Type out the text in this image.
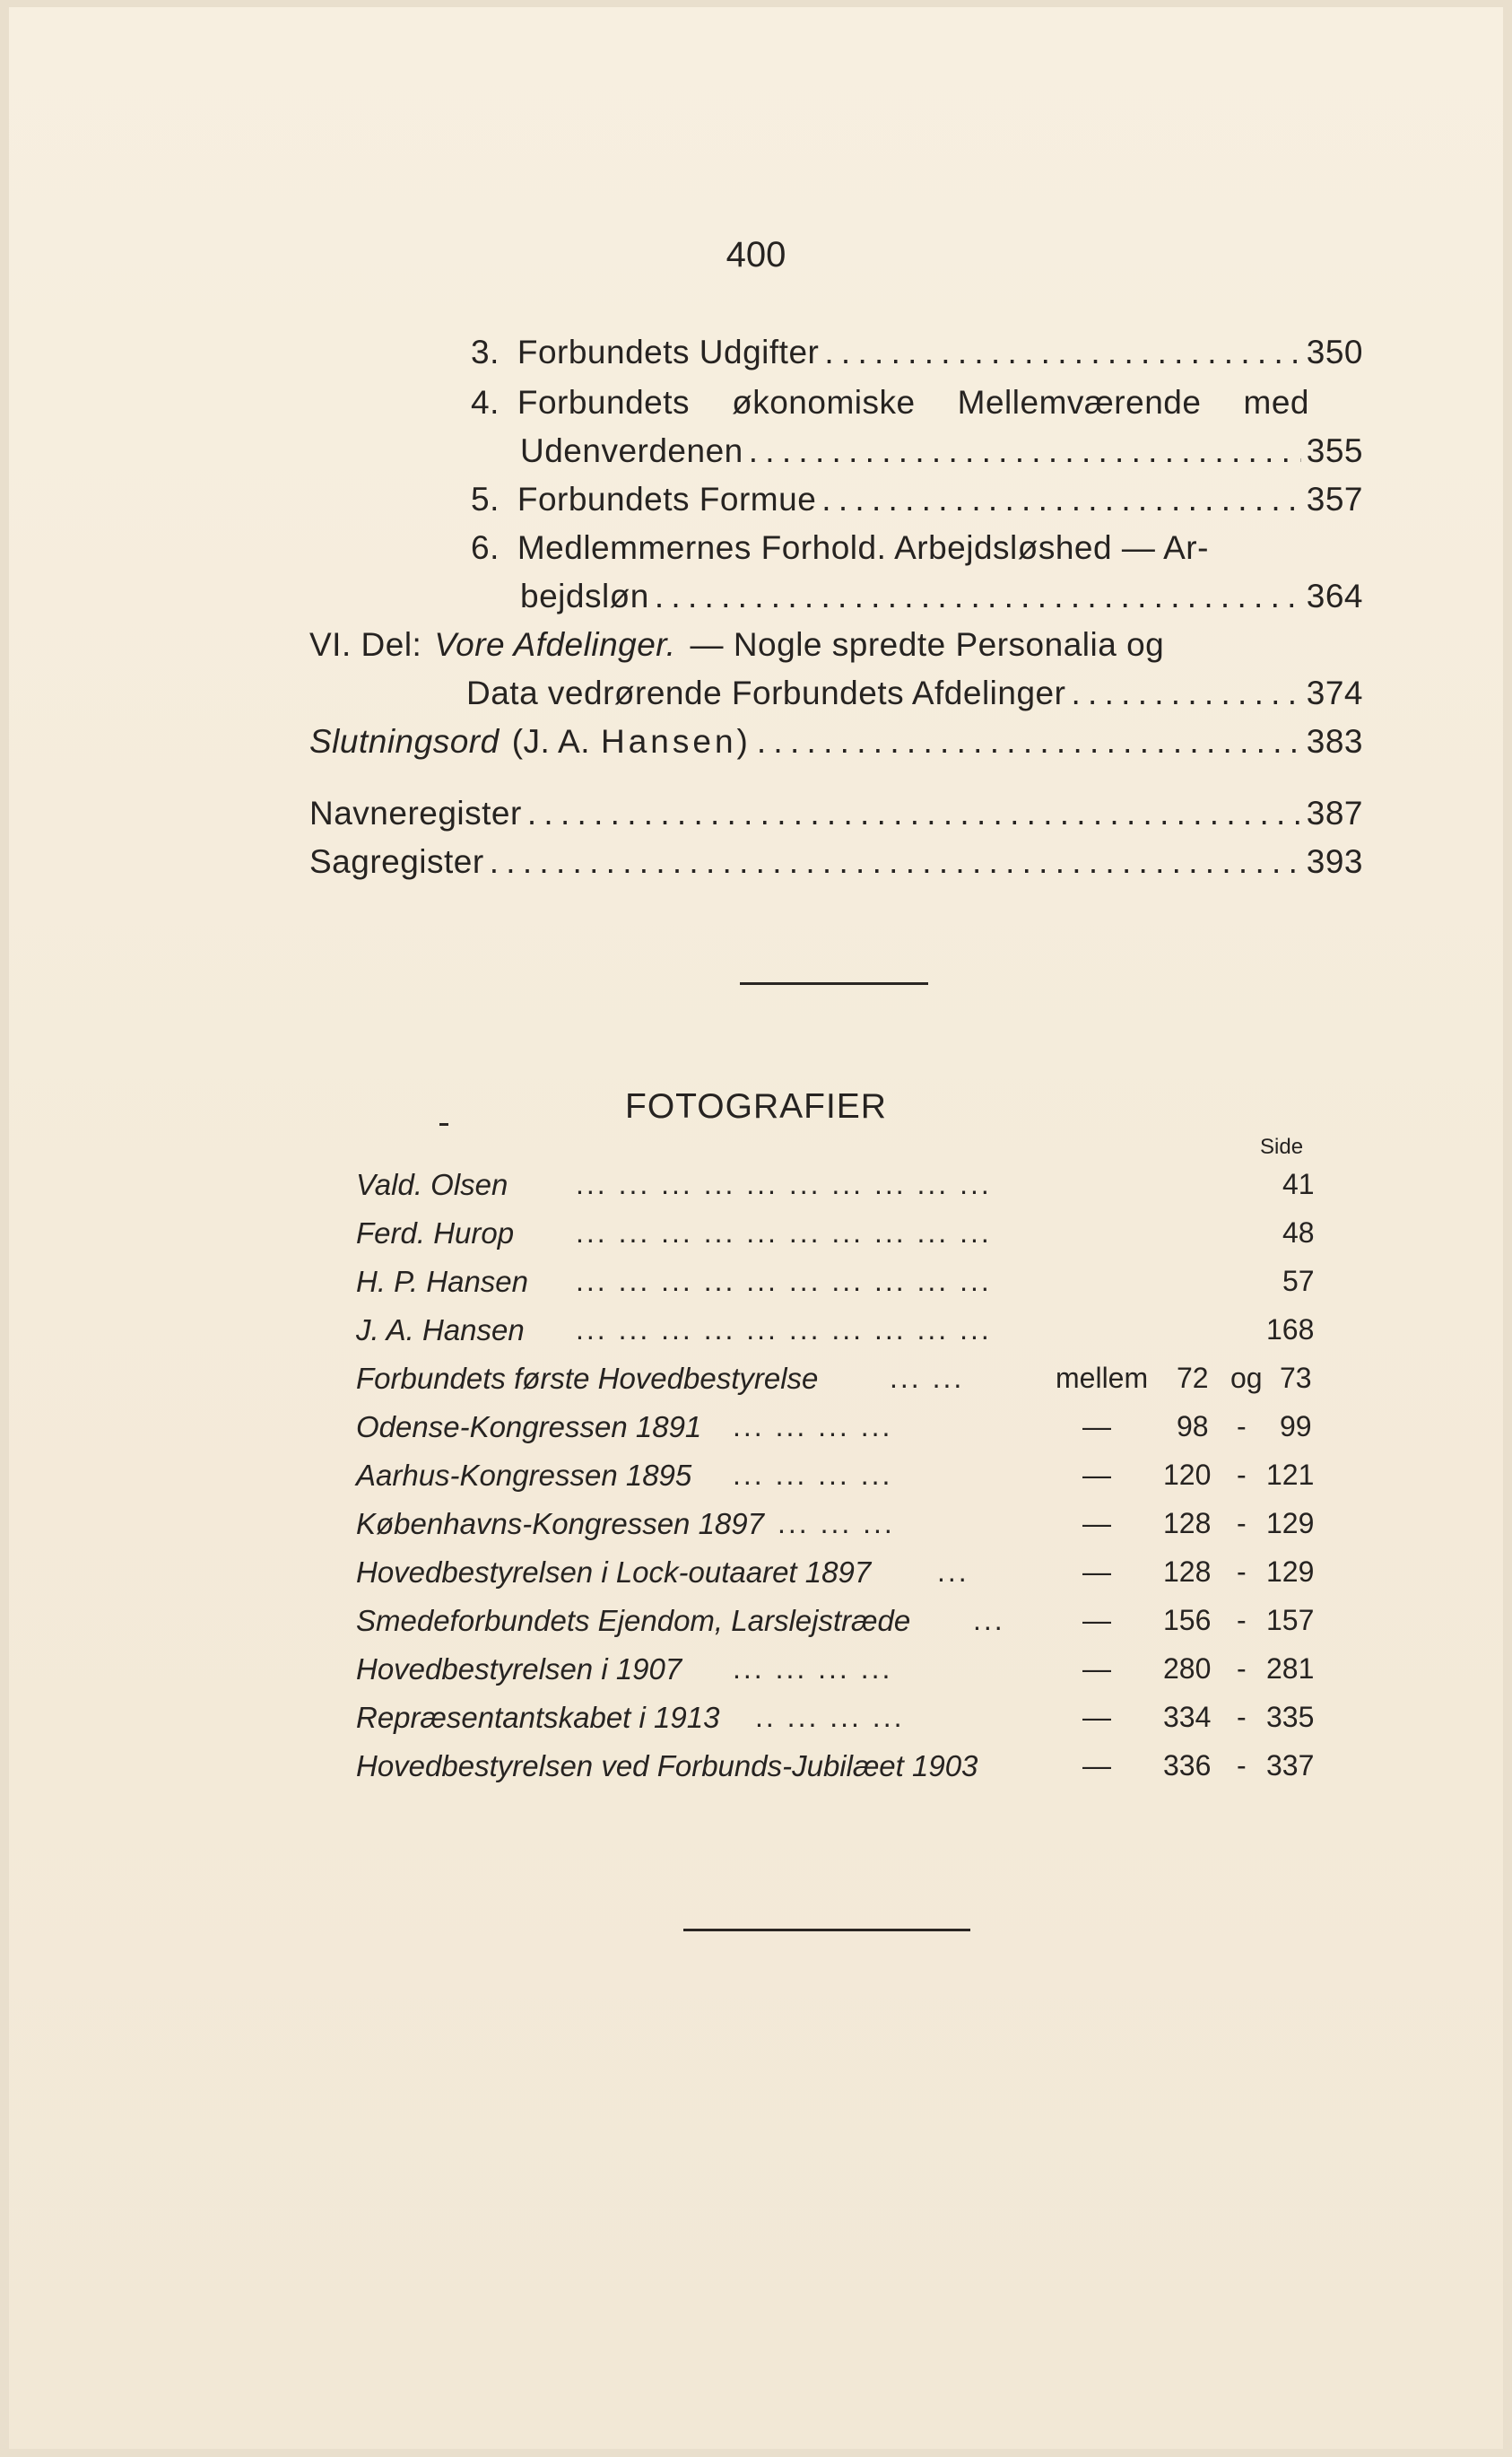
400
3. Forbundets Udgifter . . .	350
4. Forbundets økonomiske Mellemværende med
Udenverdenen . . .	355
5. Forbundets Formue . . .	357
6. Medlemmernes Forhold. Arbejdsløshed — Ar-
bejdsløn . . .	364
VI. Del: Vore Afdelinger. — Nogle spredte Personalia og
Data vedrørende Forbundets Afdelinger . . .	374
Slutningsord (J. A. Hansen) . . .	383
Navneregister . . .	387
Sagregister . . .	393
FOTOGRAFIER
Side
Vald. Olsen ... ... ... ... ... ... ... ... ... ...	41
Ferd. Hurop ... ... ... ... ... ... ... ... ... ...	48
H. P. Hansen ... ... ... ... ... ... ... ... ... ...	57
J. A. Hansen ... ... ... ... ... ... ... ... ... ...	168
Forbundets første Hovedbestyrelse ... ...	mellem 72 og 73
Odense-Kongressen 1891 ... ... ... ...	— 98 - 99
Aarhus-Kongressen 1895 ... ... ... ...	— 120 - 121
Københavns-Kongressen 1897 ... ... ...	— 128 - 129
Hovedbestyrelsen i Lock-outaaret 1897 ...	— 128 - 129
Smedeforbundets Ejendom, Larslejstræde ...	— 156 - 157
Hovedbestyrelsen i 1907 ... ... ... ...	— 280 - 281
Repræsentantskabet i 1913 .. ... ... ...	— 334 - 335
Hovedbestyrelsen ved Forbunds-Jubilæet 1903	— 336 - 337
